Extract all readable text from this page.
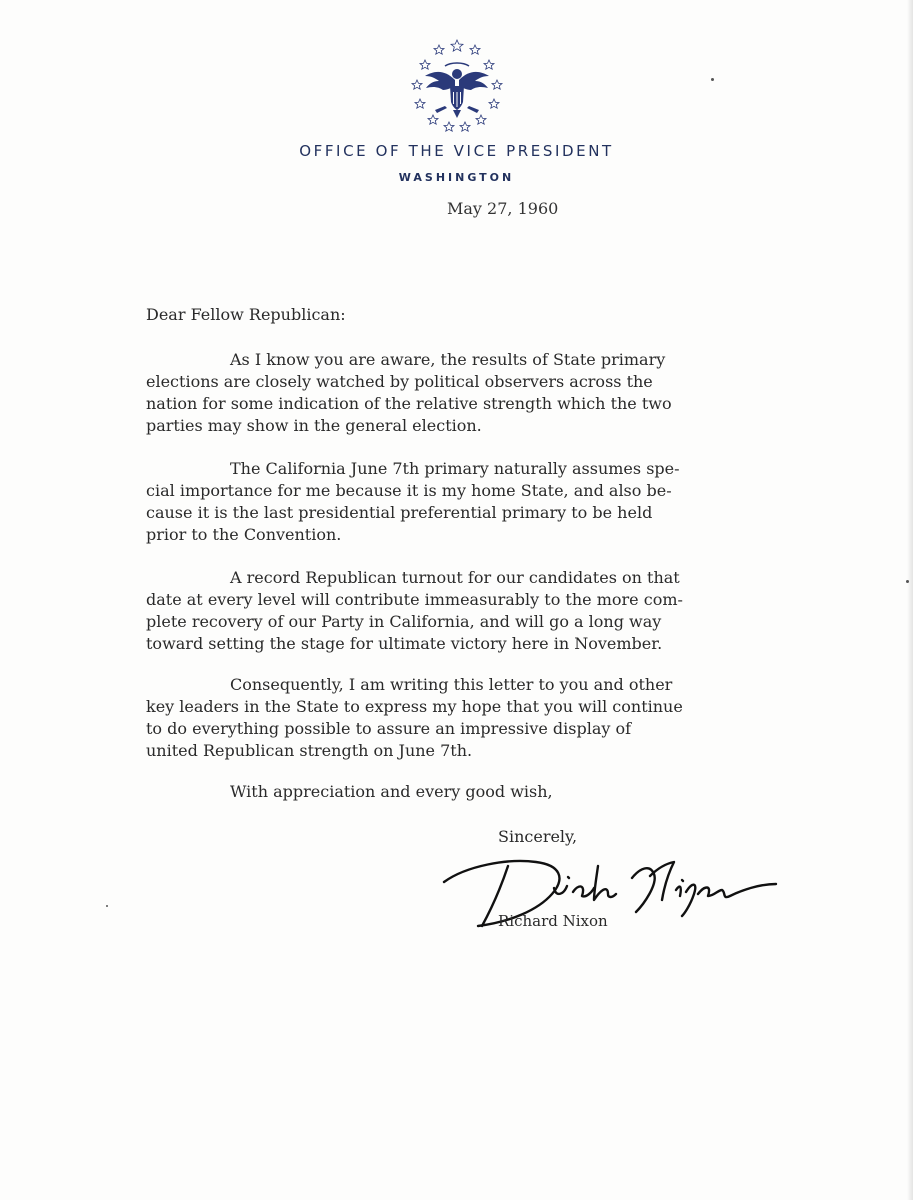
OFFICE OF THE VICE PRESIDENT
WASHINGTON
May 27, 1960
Dear Fellow Republican:
As I know you are aware, the results of State primary
elections are closely watched by political observers across the
nation for some indication of the relative strength which the two
parties may show in the general election.
The California June 7th primary naturally assumes spe-
cial importance for me because it is my home State, and also be-
cause it is the last presidential preferential primary to be held
prior to the Convention.
A record Republican turnout for our candidates on that
date at every level will contribute immeasurably to the more com-
plete recovery of our Party in California, and will go a long way
toward setting the stage for ultimate victory here in November.
Consequently, I am writing this letter to you and other
key leaders in the State to express my hope that you will continue
to do everything possible to assure an impressive display of
united Republican strength on June 7th.
With appreciation and every good wish,
Sincerely,
Richard Nixon
